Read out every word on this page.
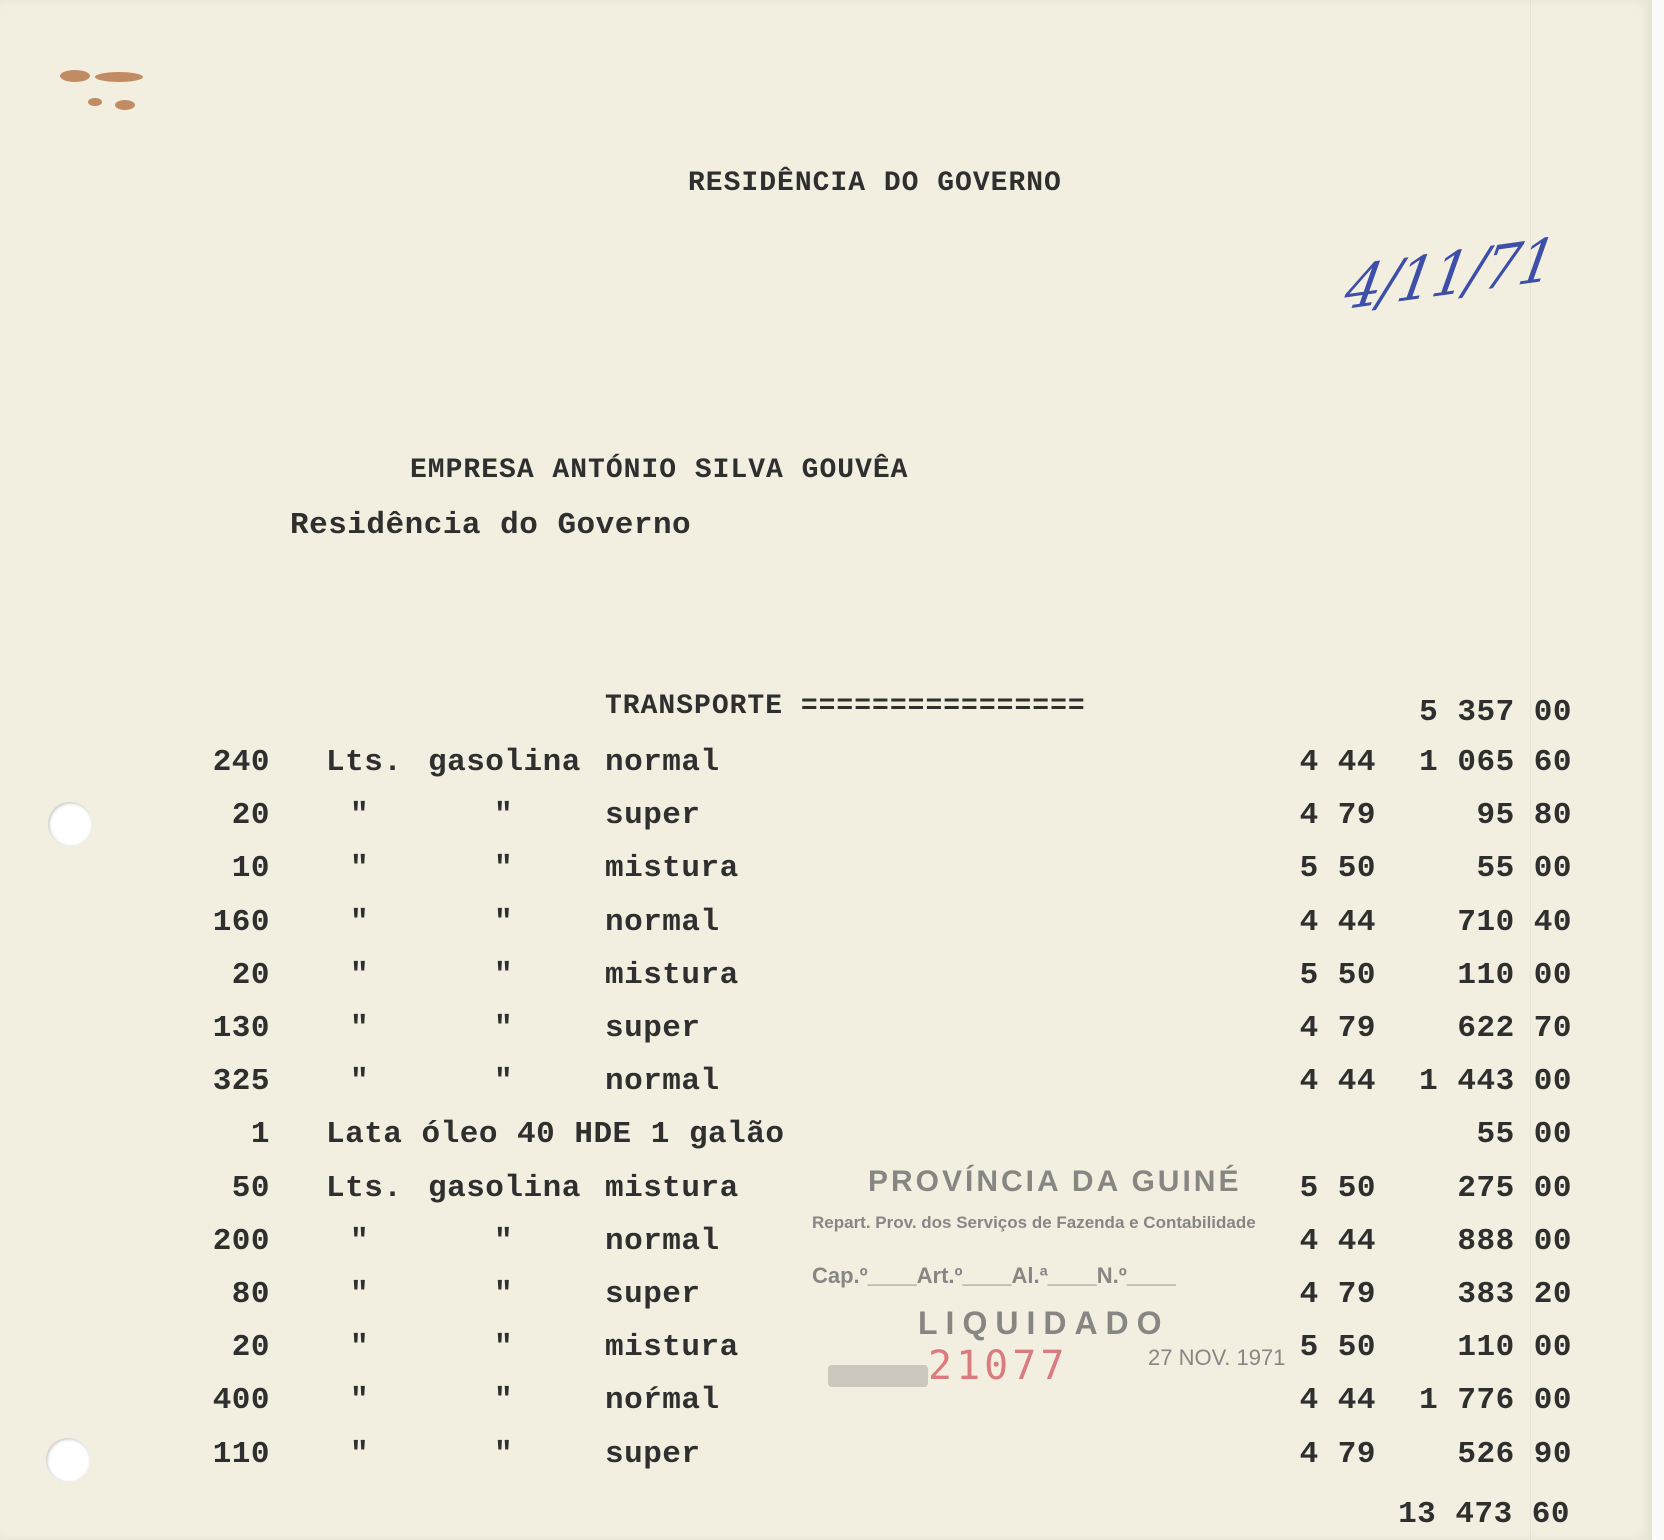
RESIDÊNCIA DO GOVERNO
4/11/71
EMPRESA ANTÓNIO SILVA GOUVÊA
Residência do Governo
TRANSPORTE ================	5 357 00
240 Lts. gasolina normal	4 44	1 065 60
20	"	"	super	4 79	95 80
10	"	"	mistura	5 50	55 00
160	"	"	normal	4 44	710 40
20	"	"	mistura	5 50	110 00
130	"	"	super	4 79	622 70
325	"	"	normal	4 44	1 443 00
1 Lata óleo 40 HDE 1 galão	55 00
50 Lts. gasolina mistura	5 50	275 00
200	"	"	normal	4 44	888 00
80	"	"	super	4 79	383 20
20	"	"	mistura	5 50	110 00
400	"	"	noŕmal	4 44	1 776 00
110	"	"	super	4 79	526 90
13 473 60
PROVÍNCIA DA GUINÉ
Repart. Prov. dos Serviços de Fazenda e Contabilidade
Cap.º____Art.º____Al.ª____N.º____
LIQUIDADO
21077	27 NOV. 1971
